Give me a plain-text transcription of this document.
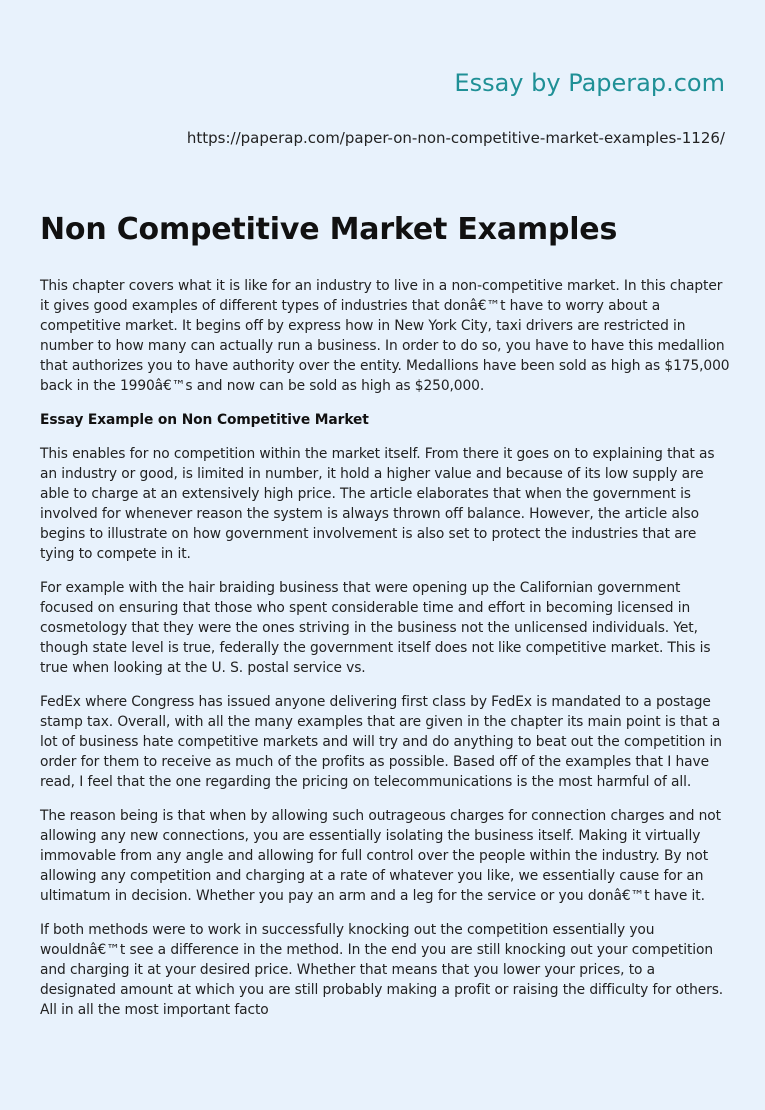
Essay by Paperap.com
https://paperap.com/paper-on-non-competitive-market-examples-1126/
Non Competitive Market Examples

This chapter covers what it is like for an industry to live in a non-competitive market. In this chapter it gives good examples of different types of industries that donâ€™t have to worry about a competitive market. It begins off by express how in New York City, taxi drivers are restricted in number to how many can actually run a business. In order to do so, you have to have this medallion that authorizes you to have authority over the entity. Medallions have been sold as high as $175,000 back in the 1990â€™s and now can be sold as high as $250,000.

Essay Example on Non Competitive Market

This enables for no competition within the market itself. From there it goes on to explaining that as an industry or good, is limited in number, it hold a higher value and because of its low supply are able to charge at an extensively high price. The article elaborates that when the government is involved for whenever reason the system is always thrown off balance. However, the article also begins to illustrate on how government involvement is also set to protect the industries that are tying to compete in it.

For example with the hair braiding business that were opening up the Californian government focused on ensuring that those who spent considerable time and effort in becoming licensed in cosmetology that they were the ones striving in the business not the unlicensed individuals. Yet, though state level is true, federally the government itself does not like competitive market. This is true when looking at the U. S. postal service vs.

FedEx where Congress has issued anyone delivering first class by FedEx is mandated to a postage stamp tax. Overall, with all the many examples that are given in the chapter its main point is that a lot of business hate competitive markets and will try and do anything to beat out the competition in order for them to receive as much of the profits as possible. Based off of the examples that I have read, I feel that the one regarding the pricing on telecommunications is the most harmful of all.

The reason being is that when by allowing such outrageous charges for connection charges and not allowing any new connections, you are essentially isolating the business itself. Making it virtually immovable from any angle and allowing for full control over the people within the industry. By not allowing any competition and charging at a rate of whatever you like, we essentially cause for an ultimatum in decision. Whether you pay an arm and a leg for the service or you donâ€™t have it.

If both methods were to work in successfully knocking out the competition essentially you wouldnâ€™t see a difference in the method. In the end you are still knocking out your competition and charging it at your desired price. Whether that means that you lower your prices, to a designated amount at which you are still probably making a profit or raising the difficulty for others. All in all the most important facto
